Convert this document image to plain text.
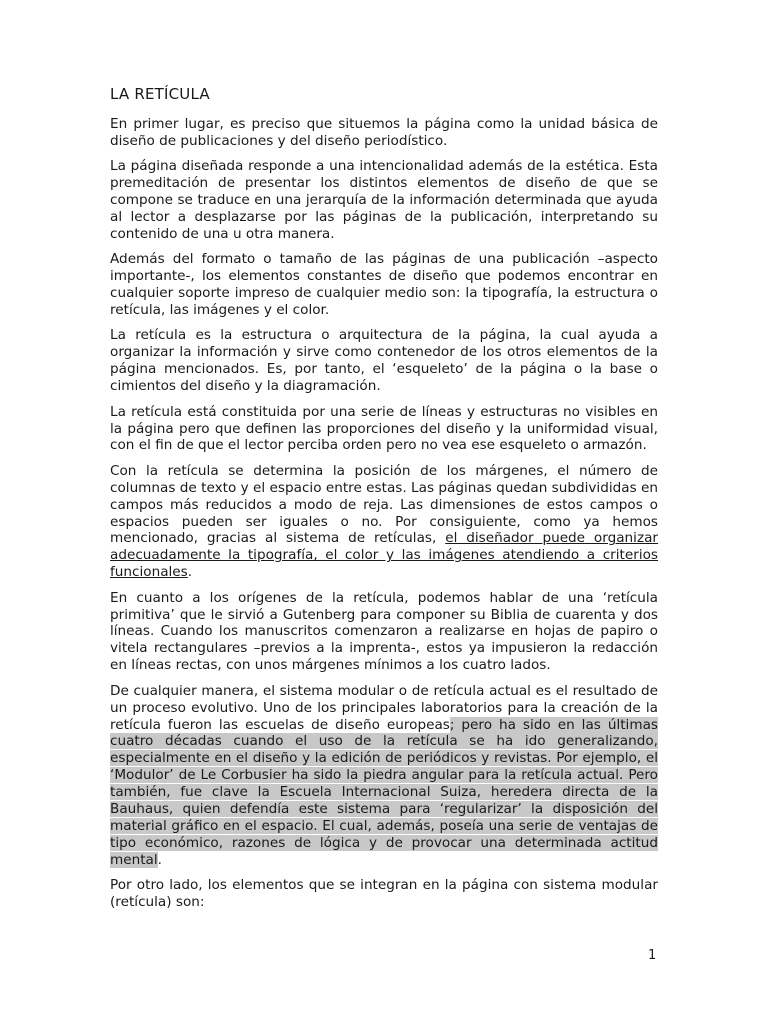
LA RETÍCULA

En primer lugar, es preciso que situemos la página como la unidad básica de diseño de publicaciones y del diseño periodístico.

La página diseñada responde a una intencionalidad además de la estética. Esta premeditación de presentar los distintos elementos de diseño de que se compone se traduce en una jerarquía de la información determinada que ayuda al lector a desplazarse por las páginas de la publicación, interpretando su contenido de una u otra manera.

Además del formato o tamaño de las páginas de una publicación –aspecto importante-, los elementos constantes de diseño que podemos encontrar en cualquier soporte impreso de cualquier medio son: la tipografía, la estructura o retícula, las imágenes y el color.

La retícula es la estructura o arquitectura de la página, la cual ayuda a organizar la información y sirve como contenedor de los otros elementos de la página mencionados. Es, por tanto, el ‘esqueleto’ de la página o la base o cimientos del diseño y la diagramación.

La retícula está constituida por una serie de líneas y estructuras no visibles en la página pero que definen las proporciones del diseño y la uniformidad visual, con el fin de que el lector perciba orden pero no vea ese esqueleto o armazón.

Con la retícula se determina la posición de los márgenes, el número de columnas de texto y el espacio entre estas. Las páginas quedan subdivididas en campos más reducidos a modo de reja. Las dimensiones de estos campos o espacios pueden ser iguales o no. Por consiguiente, como ya hemos mencionado, gracias al sistema de retículas, el diseñador puede organizar adecuadamente la tipografía, el color y las imágenes atendiendo a criterios funcionales.

En cuanto a los orígenes de la retícula, podemos hablar de una ‘retícula primitiva’ que le sirvió a Gutenberg para componer su Biblia de cuarenta y dos líneas. Cuando los manuscritos comenzaron a realizarse en hojas de papiro o vitela rectangulares –previos a la imprenta-, estos ya impusieron la redacción en líneas rectas, con unos márgenes mínimos a los cuatro lados.

De cualquier manera, el sistema modular o de retícula actual es el resultado de un proceso evolutivo. Uno de los principales laboratorios para la creación de la retícula fueron las escuelas de diseño europeas; pero ha sido en las últimas cuatro décadas cuando el uso de la retícula se ha ido generalizando, especialmente en el diseño y la edición de periódicos y revistas. Por ejemplo, el ‘Modulor’ de Le Corbusier ha sido la piedra angular para la retícula actual. Pero también, fue clave la Escuela Internacional Suiza, heredera directa de la Bauhaus, quien defendía este sistema para ‘regularizar’ la disposición del material gráfico en el espacio. El cual, además, poseía una serie de ventajas de tipo económico, razones de lógica y de provocar una determinada actitud mental.

Por otro lado, los elementos que se integran en la página con sistema modular (retícula) son:

1
